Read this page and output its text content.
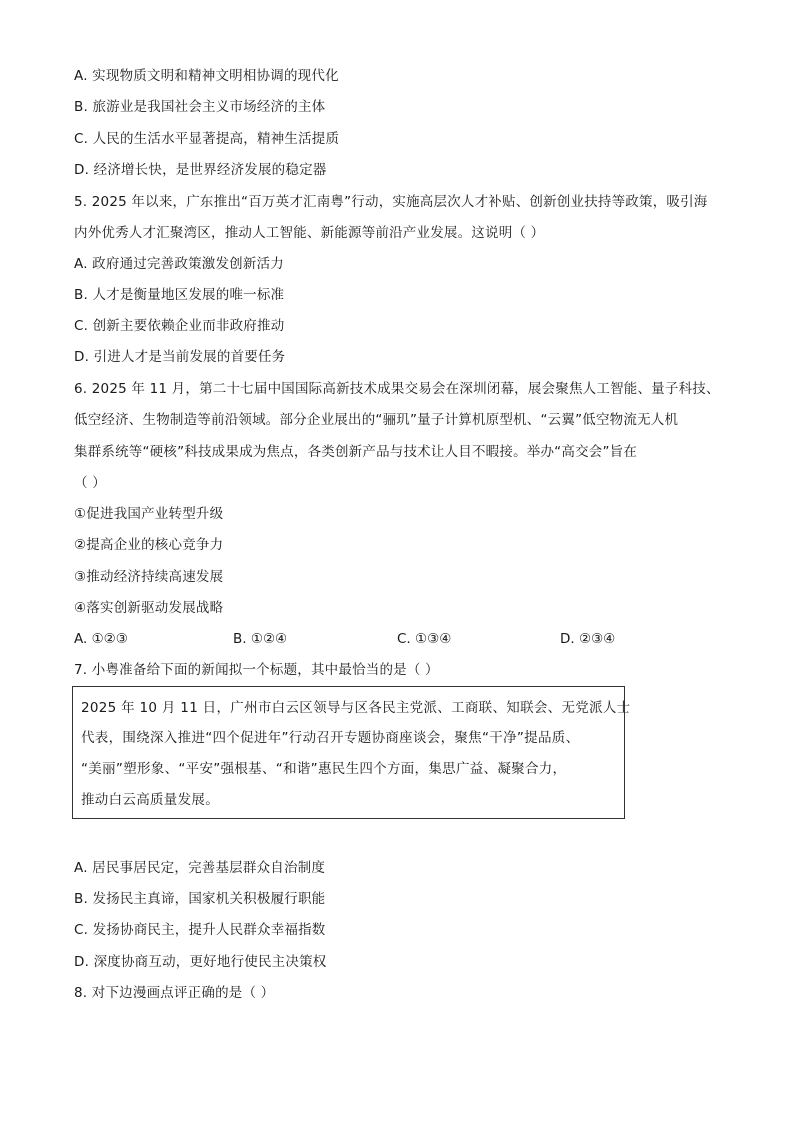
A. 实现物质文明和精神文明相协调的现代化
B. 旅游业是我国社会主义市场经济的主体
C. 人民的生活水平显著提高，精神生活提质
D. 经济增长快，是世界经济发展的稳定器
5. 2025 年以来，广东推出“百万英才汇南粤”行动，实施高层次人才补贴、创新创业扶持等政策，吸引海
内外优秀人才汇聚湾区，推动人工智能、新能源等前沿产业发展。这说明（ ）
A. 政府通过完善政策激发创新活力
B. 人才是衡量地区发展的唯一标准
C. 创新主要依赖企业而非政府推动
D. 引进人才是当前发展的首要任务
6. 2025 年 11 月，第二十七届中国国际高新技术成果交易会在深圳闭幕，展会聚焦人工智能、量子科技、
低空经济、生物制造等前沿领域。部分企业展出的“骊玑”量子计算机原型机、“云翼”低空物流无人机
集群系统等“硬核”科技成果成为焦点，各类创新产品与技术让人目不暇接。举办“高交会”旨在
（ ）
①促进我国产业转型升级
②提高企业的核心竞争力
③推动经济持续高速发展
④落实创新驱动发展战略
A. ①②③	B. ①②④	C. ①③④	D. ②③④
7. 小粤准备给下面的新闻拟一个标题，其中最恰当的是（ ）
2025 年 10 月 11 日，广州市白云区领导与区各民主党派、工商联、知联会、无党派人士
代表，围绕深入推进“四个促进年”行动召开专题协商座谈会，聚焦“干净”提品质、
“美丽”塑形象、“平安”强根基、“和谐”惠民生四个方面，集思广益、凝聚合力，
推动白云高质量发展。
A. 居民事居民定，完善基层群众自治制度
B. 发扬民主真谛，国家机关积极履行职能
C. 发扬协商民主，提升人民群众幸福指数
D. 深度协商互动，更好地行使民主决策权
8. 对下边漫画点评正确的是（ ）
